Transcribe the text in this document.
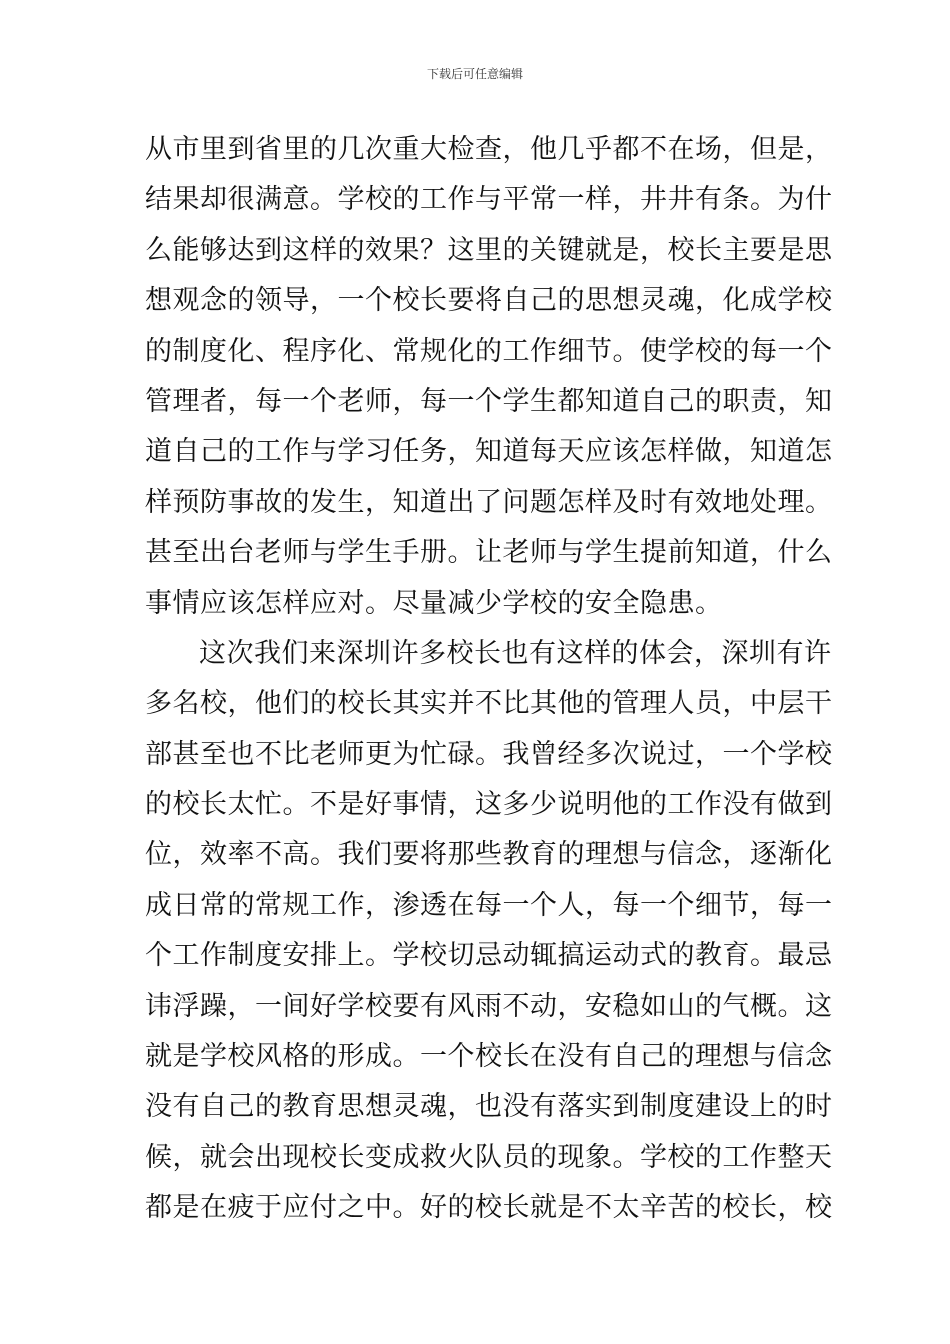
下载后可任意编辑
从市里到省里的几次重大检查，他几乎都不在场，但是，
结果却很满意。学校的工作与平常一样，井井有条。为什
么能够达到这样的效果？这里的关键就是，校长主要是思
想观念的领导，一个校长要将自己的思想灵魂，化成学校
的制度化、程序化、常规化的工作细节。使学校的每一个
管理者，每一个老师，每一个学生都知道自己的职责，知
道自己的工作与学习任务，知道每天应该怎样做，知道怎
样预防事故的发生，知道出了问题怎样及时有效地处理。
甚至出台老师与学生手册。让老师与学生提前知道，什么
事情应该怎样应对。尽量减少学校的安全隐患。
这次我们来深圳许多校长也有这样的体会，深圳有许
多名校，他们的校长其实并不比其他的管理人员，中层干
部甚至也不比老师更为忙碌。我曾经多次说过，一个学校
的校长太忙。不是好事情，这多少说明他的工作没有做到
位，效率不高。我们要将那些教育的理想与信念，逐渐化
成日常的常规工作，渗透在每一个人，每一个细节，每一
个工作制度安排上。学校切忌动辄搞运动式的教育。最忌
讳浮躁，一间好学校要有风雨不动，安稳如山的气概。这
就是学校风格的形成。一个校长在没有自己的理想与信念
没有自己的教育思想灵魂，也没有落实到制度建设上的时
候，就会出现校长变成救火队员的现象。学校的工作整天
都是在疲于应付之中。好的校长就是不太辛苦的校长，校
